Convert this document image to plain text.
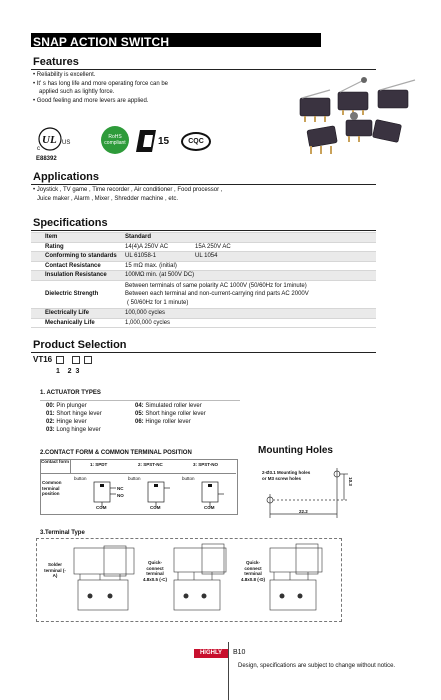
SNAP ACTION SWITCH
Features
• Reliability is excellent.
• It' s has long life and more operating force can be
applied such as lightly force.
• Good feeling and more levers are applied.
UL
c
US
E88392
RoHS
compliant	15	CQC
Applications
• Joystick , TV game , Time recorder , Air conditioner , Food processor ,
Juice maker , Alarm , Mixer , Shredder machine , etc.
Specifications
Item	Standard	
Rating	14(4)A 250V AC	15A 250V AC
Conforming to standards	UL 61058-1	UL 1054
Contact Resistance	15 mΩ max. (initial)	
Insulation Resistance	100MΩ min. (at 500V DC)	
Dielectric Strength	Between terminals of same polarity AC 1000V (50/60Hz for 1minute)
Between each terminal and non-current-carrying rind parts AC 2000V
( 50/60Hz for 1 minute)	

Electrically Life	100,000 cycles	
Mechanically Life	1,000,000 cycles	
Product Selection
VT16
1    2  3
1. ACTUATOR TYPES
00: Pin plunger
01: Short hinge lever
02: Hinge lever
03: Long hinge lever
04: Simulated roller lever
05: Short hinge roller lever
06: Hinge roller lever
2.CONTACT FORM & COMMON TERMINAL POSITION
Contact form
1: SPDT	2: SPST-NC	3: SPST-NO
Common terminal position
button	button	button
NC
NO
COM	COM	COM
Mounting Holes
2-Ø3.1 Mounting holes
or M3 screw holes	10.3
22.2
3.Terminal Type
Solder terminal (-A)
Quick-connect terminal 4.8x0.5 (-C)
Quick-connect terminal 4.8x0.8 (-D)
HIGHLY	B10
Design, specifications are subject to change without notice.
